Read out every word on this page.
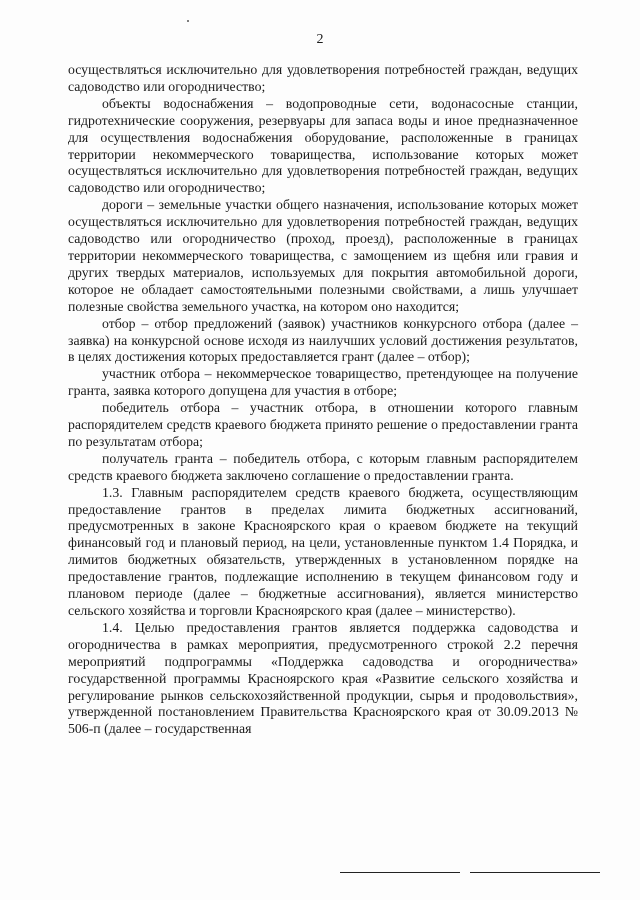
2

осуществляться исключительно для удовлетворения потребностей граждан, ведущих садоводство или огородничество;

объекты водоснабжения – водопроводные сети, водонасосные станции, гидротехнические сооружения, резервуары для запаса воды и иное предназначенное для осуществления водоснабжения оборудование, расположенные в границах территории некоммерческого товарищества, использование которых может осуществляться исключительно для удовлетворения потребностей граждан, ведущих садоводство или огородничество;

дороги – земельные участки общего назначения, использование которых может осуществляться исключительно для удовлетворения потребностей граждан, ведущих садоводство или огородничество (проход, проезд), расположенные в границах территории некоммерческого товарищества, с замощением из щебня или гравия и других твердых материалов, используемых для покрытия автомобильной дороги, которое не обладает самостоятельными полезными свойствами, а лишь улучшает полезные свойства земельного участка, на котором оно находится;

отбор – отбор предложений (заявок) участников конкурсного отбора (далее – заявка) на конкурсной основе исходя из наилучших условий достижения результатов, в целях достижения которых предоставляется грант (далее – отбор);

участник отбора – некоммерческое товарищество, претендующее на получение гранта, заявка которого допущена для участия в отборе;

победитель отбора – участник отбора, в отношении которого главным распорядителем средств краевого бюджета принято решение о предоставлении гранта по результатам отбора;

получатель гранта – победитель отбора, с которым главным распорядителем средств краевого бюджета заключено соглашение о предоставлении гранта.

1.3. Главным распорядителем средств краевого бюджета, осуществляющим предоставление грантов в пределах лимита бюджетных ассигнований, предусмотренных в законе Красноярского края о краевом бюджете на текущий финансовый год и плановый период, на цели, установленные пунктом 1.4 Порядка, и лимитов бюджетных обязательств, утвержденных в установленном порядке на предоставление грантов, подлежащие исполнению в текущем финансовом году и плановом периоде (далее – бюджетные ассигнования), является министерство сельского хозяйства и торговли Красноярского края (далее – министерство).

1.4. Целью предоставления грантов является поддержка садоводства и огородничества в рамках мероприятия, предусмотренного строкой 2.2 перечня мероприятий подпрограммы «Поддержка садоводства и огородничества» государственной программы Красноярского края «Развитие сельского хозяйства и регулирование рынков сельскохозяйственной продукции, сырья и продовольствия», утвержденной постановлением Правительства Красноярского края от 30.09.2013 № 506-п (далее – государственная
